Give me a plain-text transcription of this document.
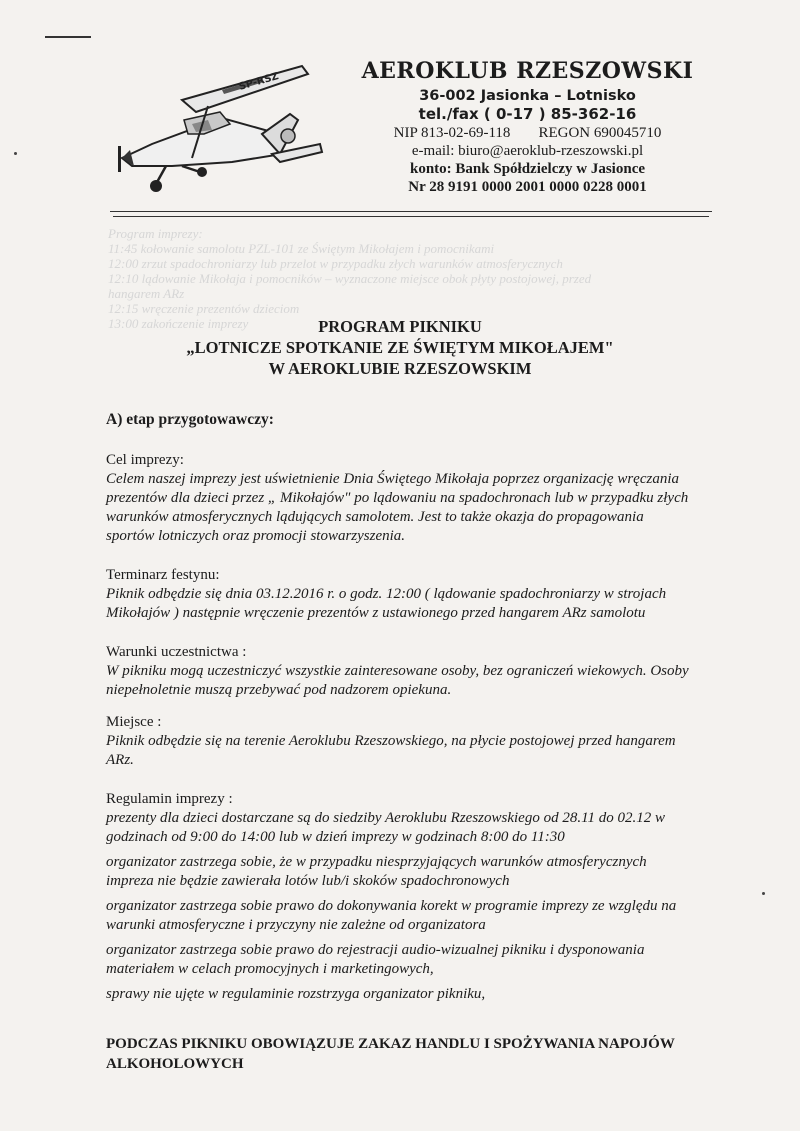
SP-RSZ	AEROKLUB RZESZOWSKI
36-002 Jasionka – Lotnisko
tel./fax ( 0-17 ) 85-362-16
NIP 813-02-69-118 REGON 690045710
e-mail: biuro@aeroklub-rzeszowski.pl
konto: Bank Spółdzielczy w Jasionce
Nr 28 9191 0000 2001 0000 0228 0001
Program imprezy:
11:45 kołowanie samolotu PZL-101 ze Świętym Mikołajem i pomocnikami
12:00 zrzut spadochroniarzy lub przelot w przypadku złych warunków atmosferycznych
12:10 lądowanie Mikołaja i pomocników – wyznaczone miejsce obok płyty postojowej, przed
hangarem ARz
12:15 wręczenie prezentów dzieciom
13:00 zakończenie imprezy	PROGRAM PIKNIKU
„LOTNICZE SPOTKANIE ZE ŚWIĘTYM MIKOŁAJEM"
W AEROKLUBIE RZESZOWSKIM
A) etap przygotowawczy:
Cel imprezy:
Celem naszej imprezy jest uświetnienie Dnia Świętego Mikołaja poprzez organizację wręczania
prezentów dla dzieci przez „ Mikołajów" po lądowaniu na spadochronach lub w przypadku złych
warunków atmosferycznych lądujących samolotem. Jest to także okazja do propagowania
sportów lotniczych oraz promocji stowarzyszenia.
Terminarz festynu:
Piknik odbędzie się dnia 03.12.2016 r. o godz. 12:00 ( lądowanie spadochroniarzy w strojach
Mikołajów ) następnie wręczenie prezentów z ustawionego przed hangarem ARz samolotu
Warunki uczestnictwa :
W pikniku mogą uczestniczyć wszystkie zainteresowane osoby, bez ograniczeń wiekowych. Osoby
niepełnoletnie muszą przebywać pod nadzorem opiekuna.
Miejsce :
Piknik odbędzie się na terenie Aeroklubu Rzeszowskiego, na płycie postojowej przed hangarem
ARz.
Regulamin imprezy :
prezenty dla dzieci dostarczane są do siedziby Aeroklubu Rzeszowskiego od 28.11 do 02.12 w
godzinach od 9:00 do 14:00 lub w dzień imprezy w godzinach 8:00 do 11:30
organizator zastrzega sobie, że w przypadku niesprzyjających warunków atmosferycznych
impreza nie będzie zawierała lotów lub/i skoków spadochronowych
organizator zastrzega sobie prawo do dokonywania korekt w programie imprezy ze względu na
warunki atmosferyczne i przyczyny nie zależne od organizatora
organizator zastrzega sobie prawo do rejestracji audio-wizualnej pikniku i dysponowania
materiałem w celach promocyjnych i marketingowych,
sprawy nie ujęte w regulaminie rozstrzyga organizator pikniku,
PODCZAS PIKNIKU OBOWIĄZUJE ZAKAZ HANDLU I SPOŻYWANIA NAPOJÓW
ALKOHOLOWYCH
